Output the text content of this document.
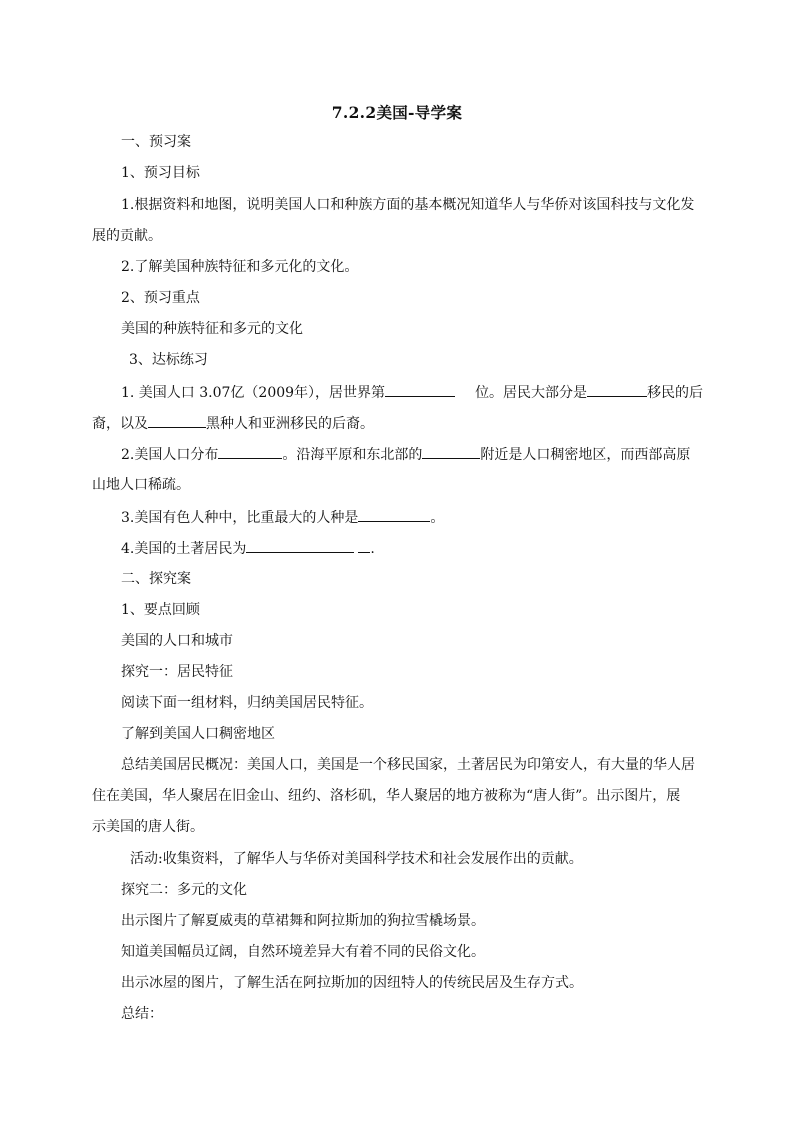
7.2.2美国-导学案
一、预习案
1、预习目标
1.根据资料和地图，说明美国人口和种族方面的基本概况知道华人与华侨对该国科技与文化发
展的贡献。
2.了解美国种族特征和多元化的文化。
2、预习重点
美国的种族特征和多元的文化
3、达标练习
1. 美国人口 3.07亿（2009年），居世界第	位。居民大部分是	移民的后
裔，以及	黑种人和亚洲移民的后裔。
2.美国人口分布	。沿海平原和东北部的	附近是人口稠密地区，而西部高原
山地人口稀疏。
3.美国有色人种中，比重最大的人种是	。
4.美国的土著居民为	.
二、探究案
1、要点回顾
美国的人口和城市
探究一：居民特征
阅读下面一组材料，归纳美国居民特征。
了解到美国人口稠密地区
总结美国居民概况：美国人口，美国是一个移民国家，土著居民为印第安人，有大量的华人居
住在美国，华人聚居在旧金山、纽约、洛杉矶，华人聚居的地方被称为“唐人街”。出示图片，展
示美国的唐人街。
活动:收集资料，了解华人与华侨对美国科学技术和社会发展作出的贡献。
探究二：多元的文化
出示图片了解夏威夷的草裙舞和阿拉斯加的狗拉雪橇场景。
知道美国幅员辽阔，自然环境差异大有着不同的民俗文化。
出示冰屋的图片，了解生活在阿拉斯加的因纽特人的传统民居及生存方式。
总结：
